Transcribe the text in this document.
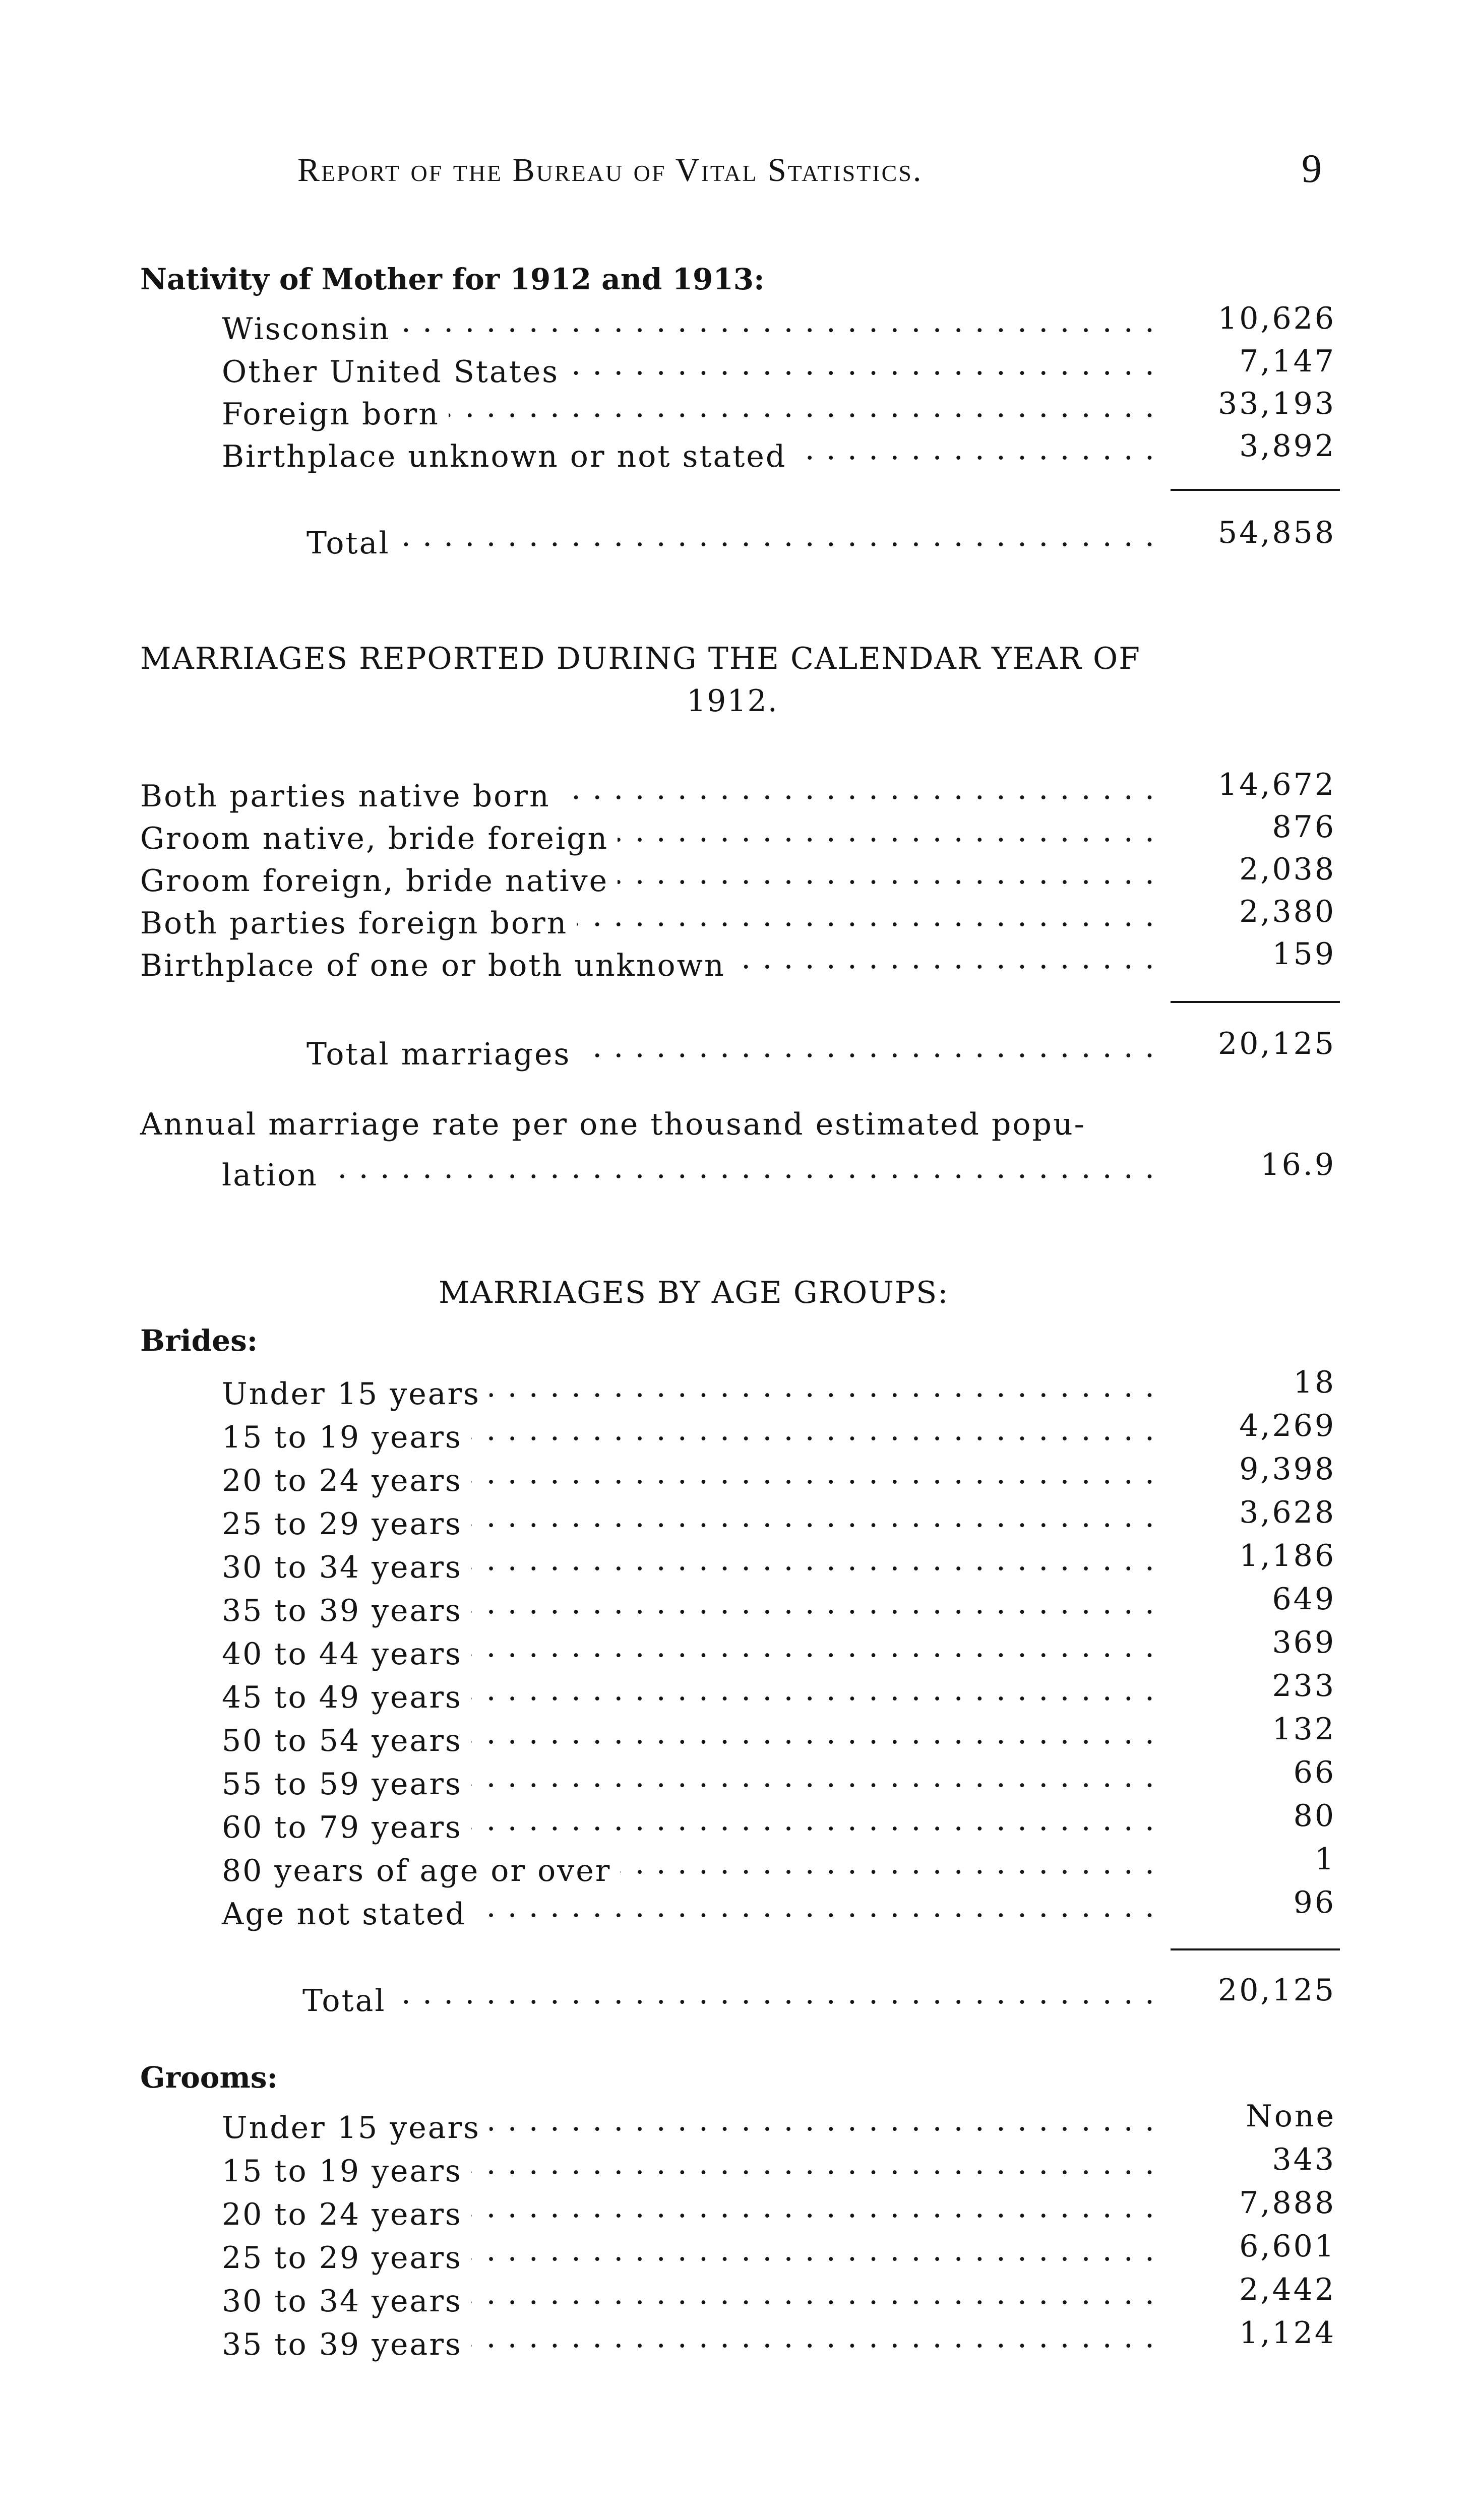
Report of the Bureau of Vital Statistics.	9
Nativity of Mother for 1912 and 1913:
Wisconsin . . .	10,626
Other United States . . .	7,147
Foreign born . . .	33,193
Birthplace unknown or not stated . . .	3,892
Total . . .	54,858
MARRIAGES REPORTED DURING THE CALENDAR YEAR OF
1912.
Both parties native born . . .	14,672
Groom native, bride foreign . . .	876
Groom foreign, bride native . . .	2,038
Both parties foreign born . . .	2,380
Birthplace of one or both unknown . . .	159
Total marriages . . .	20,125
Annual marriage rate per one thousand estimated popu-
lation . . .	16.9
MARRIAGES BY AGE GROUPS:
Brides:
Under 15 years . . .	18
15 to 19 years . . .	4,269
20 to 24 years . . .	9,398
25 to 29 years . . .	3,628
30 to 34 years . . .	1,186
35 to 39 years . . .	649
40 to 44 years . . .	369
45 to 49 years . . .	233
50 to 54 years . . .	132
55 to 59 years . . .	66
60 to 79 years . . .	80
80 years of age or over . . .	1
Age not stated . . .	96
Total . . .	20,125
Grooms:
Under 15 years . . .	None
15 to 19 years . . .	343
20 to 24 years . . .	7,888
25 to 29 years . . .	6,601
30 to 34 years . . .	2,442
35 to 39 years . . .	1,124
